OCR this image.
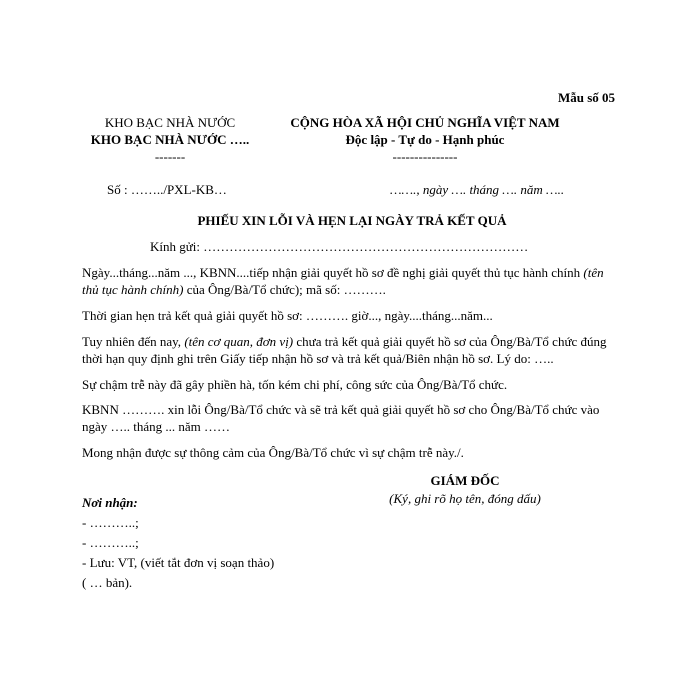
Mẫu số 05
KHO BẠC NHÀ NƯỚC
KHO BẠC NHÀ NƯỚC …..
-------
CỘNG HÒA XÃ HỘI CHỦ NGHĨA VIỆT NAM
Độc lập - Tự do - Hạnh phúc
---------------
Số : ……../PXL-KB…	……., ngày …. tháng …. năm …..
PHIẾU XIN LỖI VÀ HẸN LẠI NGÀY TRẢ KẾT QUẢ
Kính gửi: …………………………………………………………………
Ngày...tháng...năm ..., KBNN....tiếp nhận giải quyết hồ sơ đề nghị giải quyết thủ tục hành chính (tên thủ tục hành chính) của Ông/Bà/Tổ chức); mã số: ……….
Thời gian hẹn trả kết quả giải quyết hồ sơ: ………. giờ..., ngày....tháng...năm...
Tuy nhiên đến nay, (tên cơ quan, đơn vị) chưa trả kết quả giải quyết hồ sơ của Ông/Bà/Tổ chức đúng thời hạn quy định ghi trên Giấy tiếp nhận hồ sơ và trả kết quả/Biên nhận hồ sơ. Lý do: …..
Sự chậm trễ này đã gây phiền hà, tốn kém chi phí, công sức của Ông/Bà/Tổ chức.
KBNN ………. xin lỗi Ông/Bà/Tổ chức và sẽ trả kết quả giải quyết hồ sơ cho Ông/Bà/Tổ chức vào ngày ….. tháng ... năm ……
Mong nhận được sự thông cảm của Ông/Bà/Tổ chức vì sự chậm trễ này./.
GIÁM ĐỐC
(Ký, ghi rõ họ tên, đóng dấu)
Nơi nhận:
- ………..;
- ………..;
- Lưu: VT, (viết tắt đơn vị soạn thảo)
( … bản).
